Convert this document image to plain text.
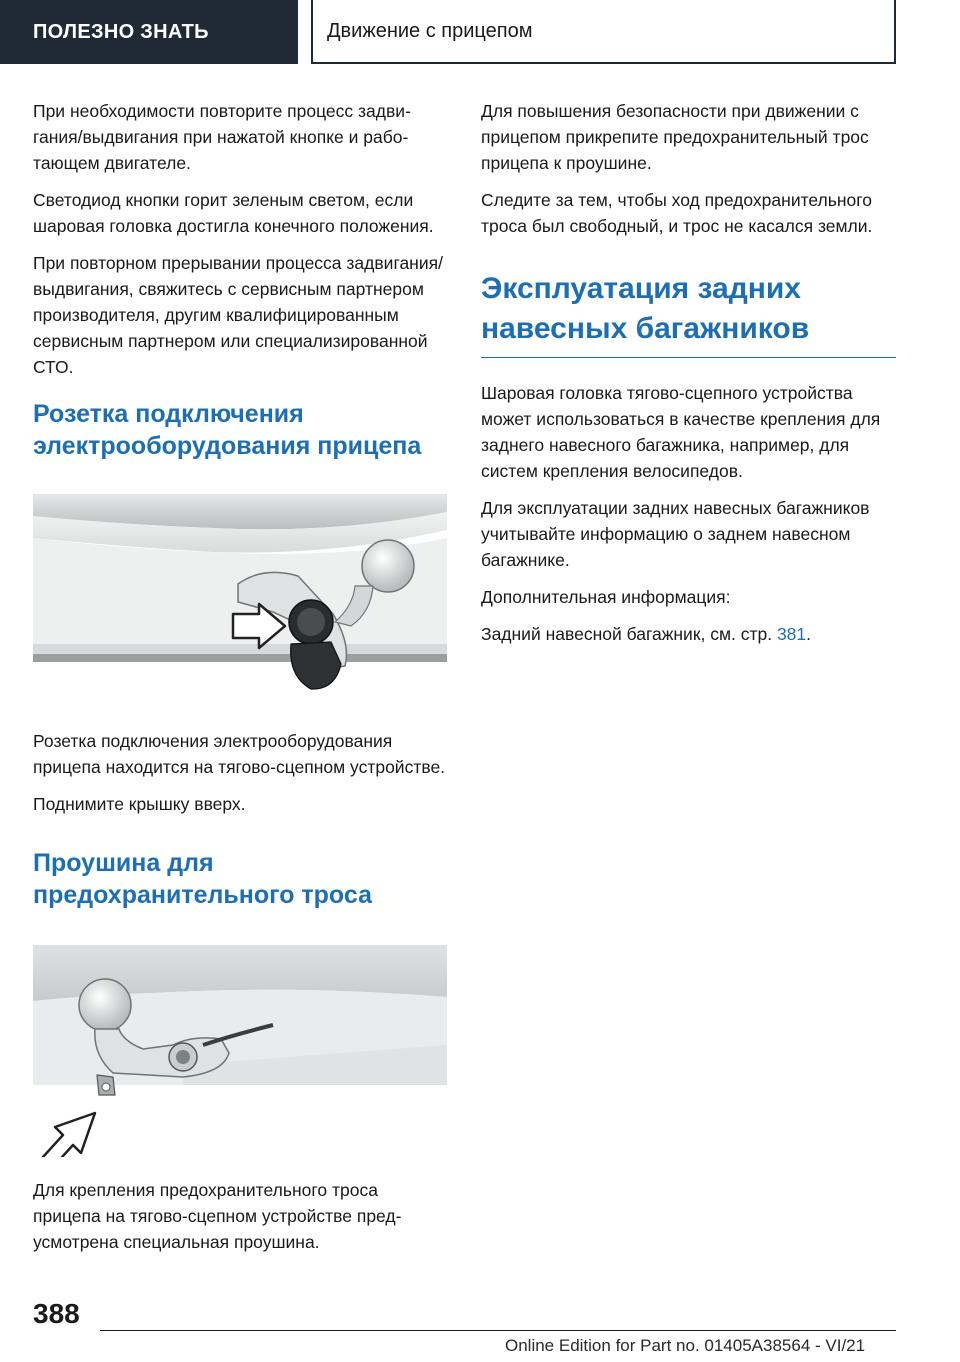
ПОЛЕЗНО ЗНАТЬ	Движение с прицепом

При необходимости повторите процесс задвигания/выдвигания при нажатой кнопке и работающем двигателе.

Светодиод кнопки горит зеленым светом, если шаровая головка достигла конечного положения.

При повторном прерывании процесса задвигания/выдвигания, свяжитесь с сервисным партнером производителя, другим квалифицированным сервисным партнером или специализированной СТО.

Розетка подключения электрооборудования прицепа

Розетка подключения электрооборудования прицепа находится на тягово-сцепном устройстве.

Поднимите крышку вверх.

Проушина для предохранительного троса

Для крепления предохранительного троса прицепа на тягово-сцепном устройстве предусмотрена специальная проушина.

Для повышения безопасности при движении с прицепом прикрепите предохранительный трос прицепа к проушине.

Следите за тем, чтобы ход предохранительного троса был свободный, и трос не касался земли.

Эксплуатация задних навесных багажников

Шаровая головка тягово-сцепного устройства может использоваться в качестве крепления для заднего навесного багажника, например, для систем крепления велосипедов.

Для эксплуатации задних навесных багажников учитывайте информацию о заднем навесном багажнике.

Дополнительная информация:

Задний навесной багажник, см. стр. 381.

388
Online Edition for Part no. 01405A38564 - VI/21
